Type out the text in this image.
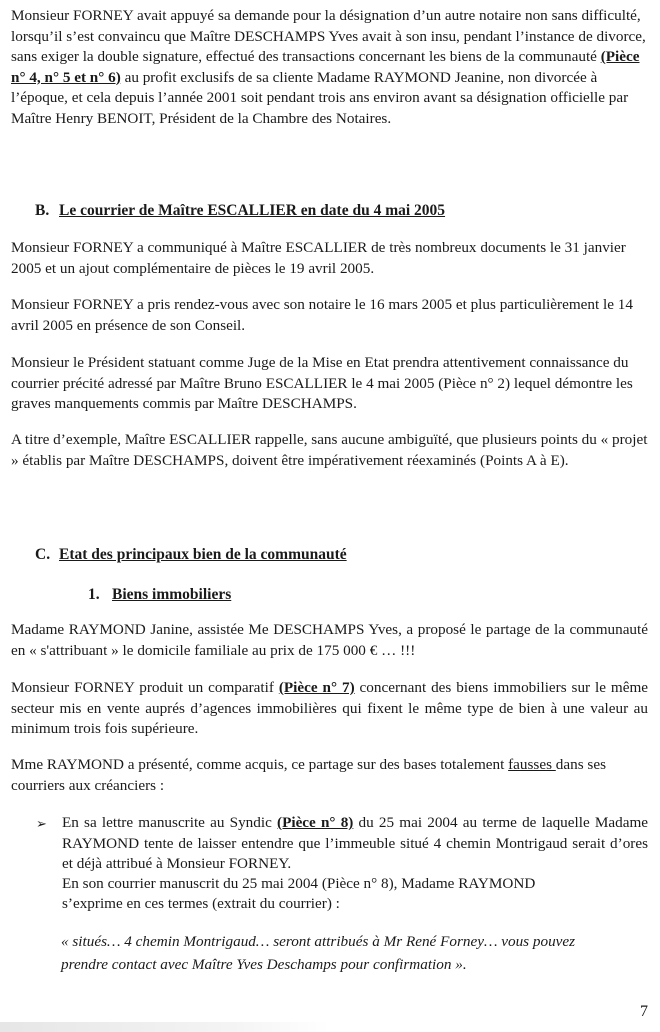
Monsieur FORNEY avait appuyé sa demande pour la désignation d’un autre notaire non sans difficulté, lorsqu’il s’est convaincu que Maître DESCHAMPS Yves avait à son insu, pendant l’instance de divorce, sans exiger la double signature, effectué des transactions concernant les biens de la communauté (Pièce n° 4, n° 5 et n° 6) au profit exclusifs de sa cliente Madame RAYMOND Jeanine, non divorcée à l’époque, et cela depuis l’année 2001 soit pendant trois ans environ avant sa désignation officielle par Maître Henry BENOIT, Président de la Chambre des Notaires.

B. Le courrier de Maître ESCALLIER en date du 4 mai 2005

Monsieur FORNEY a communiqué à Maître ESCALLIER de très nombreux documents le 31 janvier 2005 et un ajout complémentaire de pièces le 19 avril 2005.

Monsieur FORNEY a pris rendez-vous avec son notaire le 16 mars 2005 et plus particulièrement le 14 avril 2005 en présence de son Conseil.

Monsieur le Président statuant comme Juge de la Mise en Etat prendra attentivement connaissance du courrier précité adressé par Maître Bruno ESCALLIER le 4 mai 2005 (Pièce n° 2) lequel démontre les graves manquements commis par Maître DESCHAMPS.

A titre d’exemple, Maître ESCALLIER rappelle, sans aucune ambiguïté, que plusieurs points du « projet » établis par Maître DESCHAMPS, doivent être impérativement réexaminés (Points A à E).

C. Etat des principaux bien de la communauté

1. Biens immobiliers

Madame RAYMOND Janine, assistée Me DESCHAMPS Yves, a proposé le partage de la communauté en « s'attribuant » le domicile familiale au prix de 175 000 € … !!!

Monsieur FORNEY produit un comparatif (Pièce n° 7) concernant des biens immobiliers sur le même secteur mis en vente auprés d’agences immobilières qui fixent le même type de bien à une valeur au minimum trois fois supérieure.

Mme RAYMOND a présenté, comme acquis, ce partage sur des bases totalement fausses dans ses courriers aux créanciers :

➢ En sa lettre manuscrite au Syndic (Pièce n° 8) du 25 mai 2004 au terme de laquelle Madame RAYMOND tente de laisser entendre que l’immeuble situé 4 chemin Montrigaud serait d’ores et déjà attribué à Monsieur FORNEY.

En son courrier manuscrit du 25 mai 2004 (Pièce n° 8), Madame RAYMOND

s’exprime en ces termes (extrait du courrier) :

« situés… 4 chemin Montrigaud… seront attribués à Mr René Forney… vous pouvez prendre contact avec Maître Yves Deschamps pour confirmation ».

7
